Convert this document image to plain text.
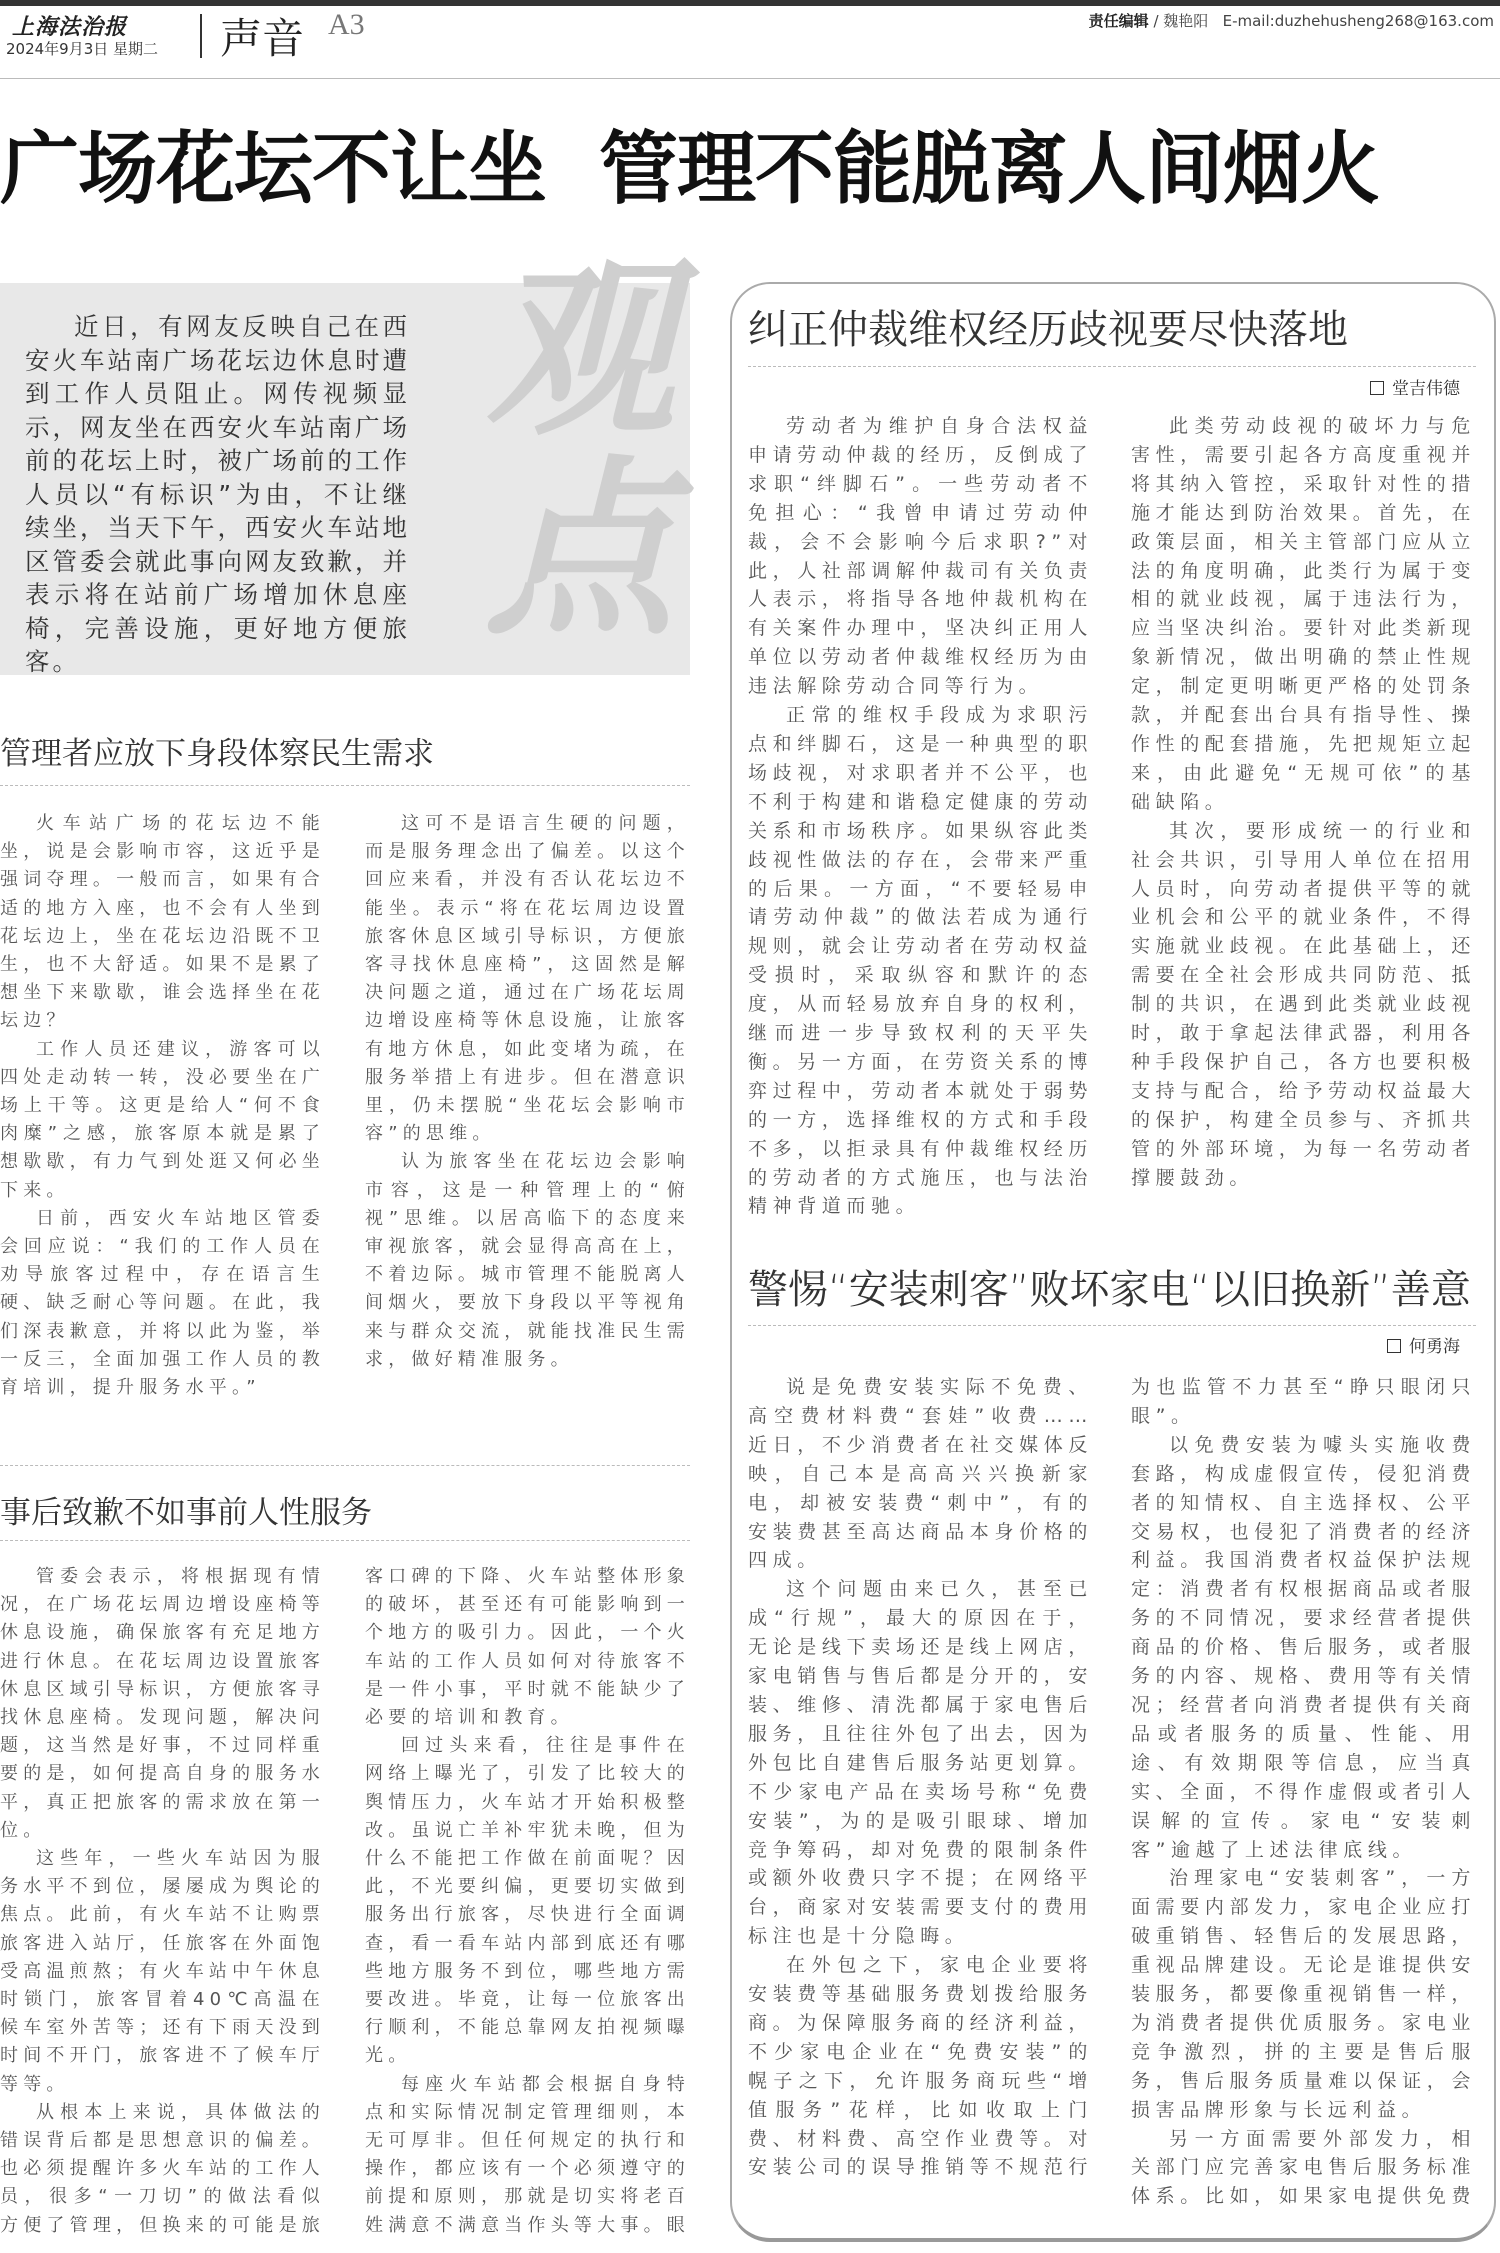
上海法治报
2024年9月3日 星期二 声音 A3	责任编辑 / 魏艳阳 E-mail:duzhehusheng268@163.com
广场花坛不让坐  管理不能脱离人间烟火
观
点

近日，有网友反映自己在西安火车站南广场花坛边休息时遭到工作人员阻止。网传视频显示，网友坐在西安火车站南广场前的花坛上时，被广场前的工作人员以“有标识”为由，不让继续坐，当天下午，西安火车站地区管委会就此事向网友致歉，并表示将在站前广场增加休息座椅，完善设施，更好地方便旅客。

管理者应放下身段体察民生需求

火车站广场的花坛边不能坐，说是会影响市容，这近乎是强词夺理。一般而言，如果有合适的地方入座，也不会有人坐到花坛边上，坐在花坛边沿既不卫生，也不大舒适。如果不是累了想坐下来歇歇，谁会选择坐在花坛边？

工作人员还建议，游客可以四处走动转一转，没必要坐在广场上干等。这更是给人“何不食肉糜”之感，旅客原本就是累了想歇歇，有力气到处逛又何必坐下来。

日前，西安火车站地区管委会回应说：“我们的工作人员在劝导旅客过程中，存在语言生硬、缺乏耐心等问题。在此，我们深表歉意，并将以此为鉴，举一反三，全面加强工作人员的教育培训，提升服务水平。”

这可不是语言生硬的问题，而是服务理念出了偏差。以这个回应来看，并没有否认花坛边不能坐。表示“将在花坛周边设置旅客休息区域引导标识，方便旅客寻找休息座椅”，这固然是解决问题之道，通过在广场花坛周边增设座椅等休息设施，让旅客有地方休息，如此变堵为疏，在服务举措上有进步。但在潜意识里，仍未摆脱“坐花坛会影响市容”的思维。

认为旅客坐在花坛边会影响市容，这是一种管理上的“俯视”思维。以居高临下的态度来审视旅客，就会显得高高在上，不着边际。城市管理不能脱离人间烟火，要放下身段以平等视角来与群众交流，就能找准民生需求，做好精准服务。

事后致歉不如事前人性服务

管委会表示，将根据现有情况，在广场花坛周边增设座椅等休息设施，确保旅客有充足地方进行休息。在花坛周边设置旅客休息区域引导标识，方便旅客寻找休息座椅。发现问题，解决问题，这当然是好事，不过同样重要的是，如何提高自身的服务水平，真正把旅客的需求放在第一位。

这些年，一些火车站因为服务水平不到位，屡屡成为舆论的焦点。此前，有火车站不让购票旅客进入站厅，任旅客在外面饱受高温煎熬；有火车站中午休息时锁门，旅客冒着40℃高温在候车室外苦等；还有下雨天没到时间不开门，旅客进不了候车厅等等。

从根本上来说，具体做法的错误背后都是思想意识的偏差。也必须提醒许多火车站的工作人员，很多“一刀切”的做法看似方便了管理，但换来的可能是旅客口碑的下降、火车站整体形象的破坏，甚至还有可能影响到一个地方的吸引力。因此，一个火车站的工作人员如何对待旅客不是一件小事，平时就不能缺少了必要的培训和教育。

回过头来看，往往是事件在网络上曝光了，引发了比较大的舆情压力，火车站才开始积极整改。虽说亡羊补牢犹未晚，但为什么不能把工作做在前面呢？因此，不光要纠偏，更要切实做到服务出行旅客，尽快进行全面调查，看一看车站内部到底还有哪些地方服务不到位，哪些地方需要改进。毕竟，让每一位旅客出行顺利，不能总靠网友拍视频曝光。

每座火车站都会根据自身特点和实际情况制定管理细则，本无可厚非。但任何规定的执行和操作，都应该有一个必须遵守的前提和原则，那就是切实将老百姓满意不满意当作头等大事。眼

纠正仲裁维权经历歧视要尽快落地
堂吉伟德

劳动者为维护自身合法权益申请劳动仲裁的经历，反倒成了求职“绊脚石”。一些劳动者不免担心：“我曾申请过劳动仲裁，会不会影响今后求职?”对此，人社部调解仲裁司有关负责人表示，将指导各地仲裁机构在有关案件办理中，坚决纠正用人单位以劳动者仲裁维权经历为由违法解除劳动合同等行为。

正常的维权手段成为求职污点和绊脚石，这是一种典型的职场歧视，对求职者并不公平，也不利于构建和谐稳定健康的劳动关系和市场秩序。如果纵容此类歧视性做法的存在，会带来严重的后果。一方面，“不要轻易申请劳动仲裁”的做法若成为通行规则，就会让劳动者在劳动权益受损时，采取纵容和默许的态度，从而轻易放弃自身的权利，继而进一步导致权利的天平失衡。另一方面，在劳资关系的博弈过程中，劳动者本就处于弱势的一方，选择维权的方式和手段不多，以拒录具有仲裁维权经历的劳动者的方式施压，也与法治精神背道而驰。

此类劳动歧视的破坏力与危害性，需要引起各方高度重视并将其纳入管控，采取针对性的措施才能达到防治效果。首先，在政策层面，相关主管部门应从立法的角度明确，此类行为属于变相的就业歧视，属于违法行为，应当坚决纠治。要针对此类新现象新情况，做出明确的禁止性规定，制定更明晰更严格的处罚条款，并配套出台具有指导性、操作性的配套措施，先把规矩立起来，由此避免“无规可依”的基础缺陷。

其次，要形成统一的行业和社会共识，引导用人单位在招用人员时，向劳动者提供平等的就业机会和公平的就业条件，不得实施就业歧视。在此基础上，还需要在全社会形成共同防范、抵制的共识，在遇到此类就业歧视时，敢于拿起法律武器，利用各种手段保护自己，各方也要积极支持与配合，给予劳动权益最大的保护，构建全员参与、齐抓共管的外部环境，为每一名劳动者撑腰鼓劲。

警惕“安装刺客”败坏家电“以旧换新”善意
何勇海

说是免费安装实际不免费、高空费材料费“套娃”收费……近日，不少消费者在社交媒体反映，自己本是高高兴兴换新家电，却被安装费“刺中”，有的安装费甚至高达商品本身价格的四成。

这个问题由来已久，甚至已成“行规”，最大的原因在于，无论是线下卖场还是线上网店，家电销售与售后都是分开的，安装、维修、清洗都属于家电售后服务，且往往外包了出去，因为外包比自建售后服务站更划算。不少家电产品在卖场号称“免费安装”，为的是吸引眼球、增加竞争筹码，却对免费的限制条件或额外收费只字不提；在网络平台，商家对安装需要支付的费用标注也是十分隐晦。

在外包之下，家电企业要将安装费等基础服务费划拨给服务商。为保障服务商的经济利益，不少家电企业在“免费安装”的幌子之下，允许服务商玩些“增值服务”花样，比如收取上门费、材料费、高空作业费等。对安装公司的误导推销等不规范行为也监管不力甚至“睁只眼闭只眼”。

以免费安装为噱头实施收费套路，构成虚假宣传，侵犯消费者的知情权、自主选择权、公平交易权，也侵犯了消费者的经济利益。我国消费者权益保护法规定：消费者有权根据商品或者服务的不同情况，要求经营者提供商品的价格、售后服务，或者服务的内容、规格、费用等有关情况；经营者向消费者提供有关商品或者服务的质量、性能、用途、有效期限等信息，应当真实、全面，不得作虚假或者引人误解的宣传。家电“安装刺客”逾越了上述法律底线。

治理家电“安装刺客”，一方面需要内部发力，家电企业应打破重销售、轻售后的发展思路，重视品牌建设。无论是谁提供安装服务，都要像重视销售一样，为消费者提供优质服务。家电业竞争激烈，拼的主要是售后服务，售后服务质量难以保证，会损害品牌形象与长远利益。

另一方面需要外部发力，相关部门应完善家电售后服务标准体系。比如，如果家电提供免费
